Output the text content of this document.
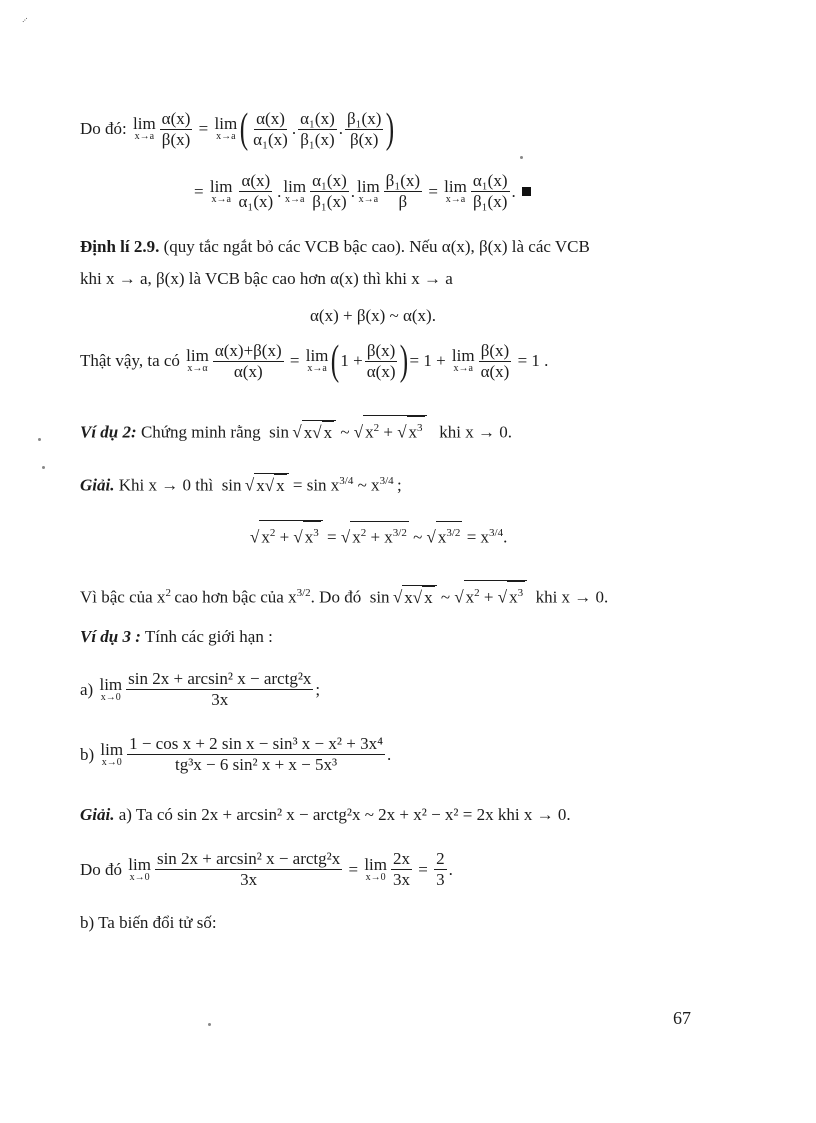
...
Do đó:
lim
$x\to a \frac{\alpha(x)}{\beta(x)} = \lim$
x→a ( $\frac{\alpha(x)}{\text{α₁(x)}}$ . $\frac{\text{α₁(x)}}{\text{β₁(x)}}$ . $\frac{\text{β₁(x)}}{\beta(x)}$ )
= lim
$x\to a \frac{\alpha(x)}{\text{α₁(x)}}$ . lim
$x\to a \frac{\text{α₁(x)}}{\text{β₁(x)}}$ . lim
$x\to a \frac{\text{β₁(x)}}{\beta} = \lim$
$x\to a \frac{\text{α₁(x)}}{\text{β₁(x)}}$ .
Định lí 2.9. (quy tắc ngắt bỏ các VCB bậc cao). Nếu α(x), β(x) là các VCB
khi x → a, β(x) là VCB bậc cao hơn α(x) thì khi x → a
α(x) + β(x) ~ α(x).
Thật vậy, ta có
lim
$x\to\alpha \frac{\alpha(x)+\beta(x)}{\alpha(x)} = \lim$
x→a ( $1 + \frac{\beta(x)}{\alpha(x)}$ ) = 1 +
lim
$x\to a \frac{\beta(x)}{\alpha(x)}$
= 1 .
Ví dụ 2: Chứng minh rằng  sin √ x√ x ~ √ $x^2$ + √ $x^3$ khi x → 0.
Giải. Khi x → 0 thì  sin √ x√ $x = \sin x^{3/4}$ ~ $x^{3/4}$  ;
√ $x^2$ + √ $x^3$ = √ $x^2 + x^{3/2}$ ~ √ $x^{3/2} = x^{3/4}$.
Vì bậc của $x^2$  cao hơn bậc của $x^{3/2}$. Do đó  sin √ x√ x ~ √ $x^2$ + √ $x^3$ khi x → 0.
Ví dụ 3 : Tính các giới hạn :
a)
lim
$x\to 0 \frac{\text{sin 2x + arcsin² x − arctg²x}}{3x}$ ;
b)
lim
$x\to 0 \frac{\text{1 − cos x + 2 sin x − sin³ x − x² + 3x⁴}}{\text{tg³x − 6 sin² x + x − 5x³}}$ .
Giải. a) Ta có sin 2x + arcsin² x − arctg²x ~ 2x + x² − x² = 2x khi x → 0.
Do đó
lim
$x\to 0 \frac{\text{sin 2x + arcsin² x − arctg²x}}{3x}$
=
lim
$x\to 0 \frac{2x}{3x} = \frac{2}{3}$ .
b) Ta biến đổi tử số:
67
